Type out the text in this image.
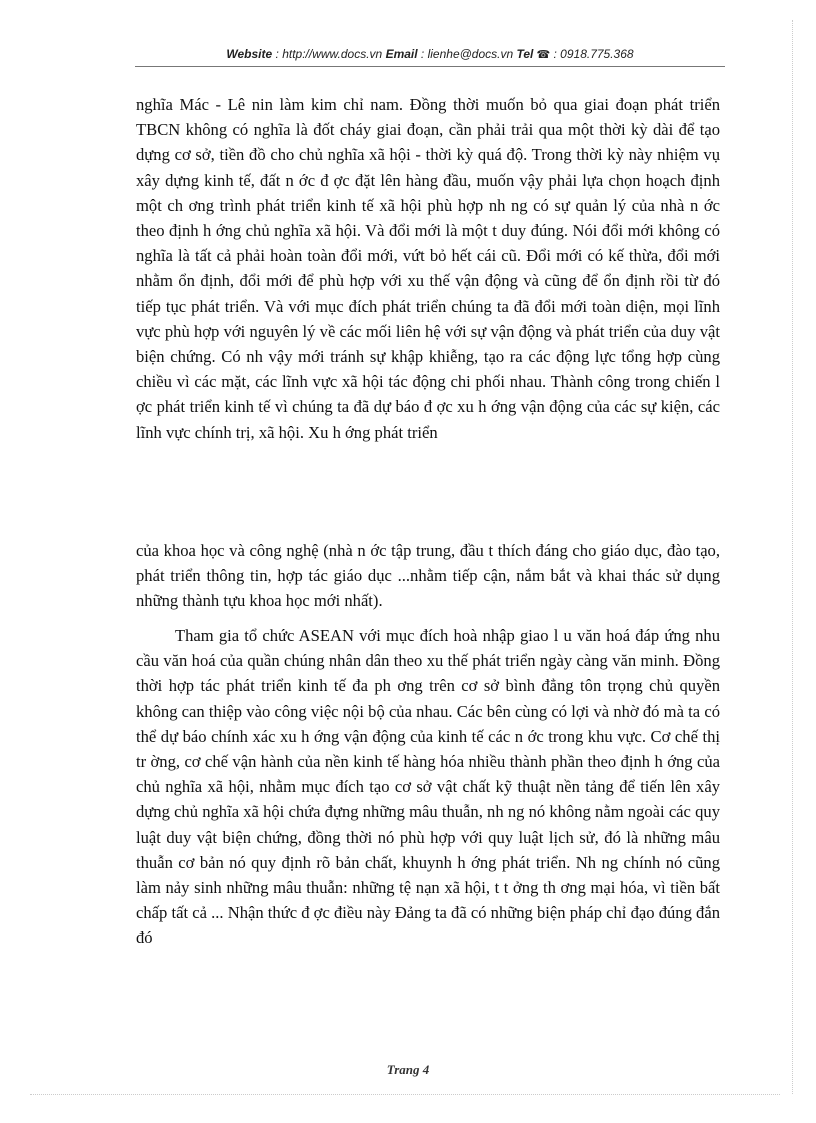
Website : http://www.docs.vn Email : lienhe@docs.vn Tel ☎ : 0918.775.368
nghĩa Mác - Lê nin làm kim chỉ nam. Đồng thời muốn bỏ qua giai đoạn phát triển TBCN không có nghĩa là đốt cháy giai đoạn, cần phải trải qua một thời kỳ dài để tạo dựng cơ sở, tiền đồ cho chủ nghĩa xã hội - thời kỳ quá độ. Trong thời kỳ này nhiệm vụ xây dựng kinh tế, đất n ớc đ ợc đặt lên hàng đầu, muốn vậy phải lựa chọn hoạch định một ch ơng trình phát triển kinh tế xã hội phù hợp nh ng có sự quản lý của nhà n ớc theo định h ớng chủ nghĩa xã hội. Và đổi mới là một t duy đúng. Nói đổi mới không có nghĩa là tất cả phải hoàn toàn đổi mới, vứt bỏ hết cái cũ. Đổi mới có kế thừa, đổi mới nhằm ổn định, đổi mới để phù hợp với xu thế vận động và cũng để ổn định rồi từ đó tiếp tục phát triển. Và với mục đích phát triển chúng ta đã đổi mới toàn diện, mọi lĩnh vực phù hợp với nguyên lý về các mối liên hệ với sự vận động và phát triển của duy vật biện chứng. Có nh vậy mới tránh sự khập khiễng, tạo ra các động lực tổng hợp cùng chiều vì các mặt, các lĩnh vực xã hội tác động chi phối nhau. Thành công trong chiến l ợc phát triển kinh tế vì chúng ta đã dự báo đ ợc xu h ớng vận động của các sự kiện, các lĩnh vực chính trị, xã hội. Xu h ớng phát triển
của khoa học và công nghệ (nhà n ớc tập trung, đầu t thích đáng cho giáo dục, đào tạo, phát triển thông tin, hợp tác giáo dục ...nhằm tiếp cận, nắm bắt và khai thác sử dụng những thành tựu khoa học mới nhất).
Tham gia tổ chức ASEAN với mục đích hoà nhập giao l u văn hoá đáp ứng nhu cầu văn hoá của quần chúng nhân dân theo xu thế phát triển ngày càng văn minh. Đồng thời hợp tác phát triển kinh tế đa ph ơng trên cơ sở bình đẳng tôn trọng chủ quyền không can thiệp vào công việc nội bộ của nhau. Các bên cùng có lợi và nhờ đó mà ta có thể dự báo chính xác xu h ớng vận động của kinh tế các n ớc trong khu vực. Cơ chế thị tr ờng, cơ chế vận hành của nền kinh tế hàng hóa nhiều thành phần theo định h ớng của chủ nghĩa xã hội, nhằm mục đích tạo cơ sở vật chất kỹ thuật nền tảng để tiến lên xây dựng chủ nghĩa xã hội chứa đựng những mâu thuẫn, nh ng nó không nằm ngoài các quy luật duy vật biện chứng, đồng thời nó phù hợp với quy luật lịch sử, đó là những mâu thuẫn cơ bản nó quy định rõ bản chất, khuynh h ớng phát triển. Nh ng chính nó cũng làm nảy sinh những mâu thuẫn: những tệ nạn xã hội, t t ởng th ơng mại hóa, vì tiền bất chấp tất cả ... Nhận thức đ ợc điều này Đảng ta đã có những biện pháp chỉ đạo đúng đắn đó
Trang 4
